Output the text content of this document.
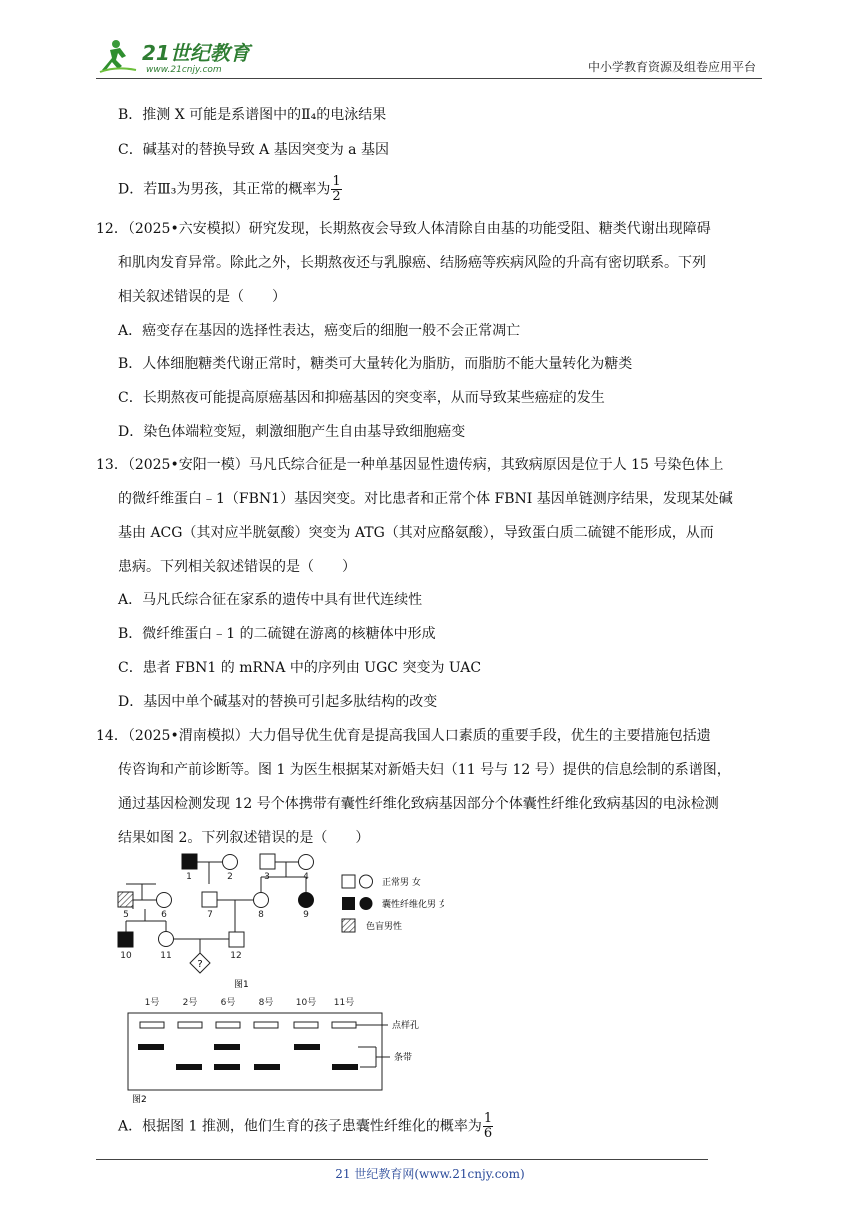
21世纪教育
www.21cnjy.com	中小学教育资源及组卷应用平台
B．推测 X 可能是系谱图中的Ⅱ₄的电泳结果
C．碱基对的替换导致 A 基因突变为 a 基因
D．若Ⅲ₃为男孩，其正常的概率为 $\frac{1}{2}$
12．（2025•六安模拟）研究发现，长期熬夜会导致人体清除自由基的功能受阻、糖类代谢出现障碍
和肌肉发育异常。除此之外，长期熬夜还与乳腺癌、结肠癌等疾病风险的升高有密切联系。下列
相关叙述错误的是（　　）
A．癌变存在基因的选择性表达，癌变后的细胞一般不会正常凋亡
B．人体细胞糖类代谢正常时，糖类可大量转化为脂肪，而脂肪不能大量转化为糖类
C．长期熬夜可能提高原癌基因和抑癌基因的突变率，从而导致某些癌症的发生
D．染色体端粒变短，刺激细胞产生自由基导致细胞癌变
13．（2025•安阳一模）马凡氏综合征是一种单基因显性遗传病，其致病原因是位于人 15 号染色体上
的微纤维蛋白﹣1（FBN1）基因突变。对比患者和正常个体 FBNI 基因单链测序结果，发现某处碱
基由 ACG（其对应半胱氨酸）突变为 ATG（其对应酪氨酸），导致蛋白质二硫键不能形成，从而
患病。下列相关叙述错误的是（　　）
A．马凡氏综合征在家系的遗传中具有世代连续性
B．微纤维蛋白﹣1 的二硫键在游离的核糖体中形成
C．患者 FBN1 的 mRNA 中的序列由 UGC 突变为 UAC
D．基因中单个碱基对的替换可引起多肽结构的改变
14．（2025•渭南模拟）大力倡导优生优育是提高我国人口素质的重要手段，优生的主要措施包括遗
传咨询和产前诊断等。图 1 为医生根据某对新婚夫妇（11 号与 12 号）提供的信息绘制的系谱图，
通过基因检测发现 12 号个体携带有囊性纤维化致病基因部分个体囊性纤维化致病基因的电泳检测
结果如图 2。下列叙述错误的是（　　）
?
1	2	3	4
5	6	7	8	9
10	11	12
正常男 女
囊性纤维化男 女
色盲男性
图1
1号	2号	6号	8号 10号 11号
点样孔
条带
图2
A．根据图 1 推测，他们生育的孩子患囊性纤维化的概率为 $\frac{1}{6}$
21 世纪教育网(www.21cnjy.com)
